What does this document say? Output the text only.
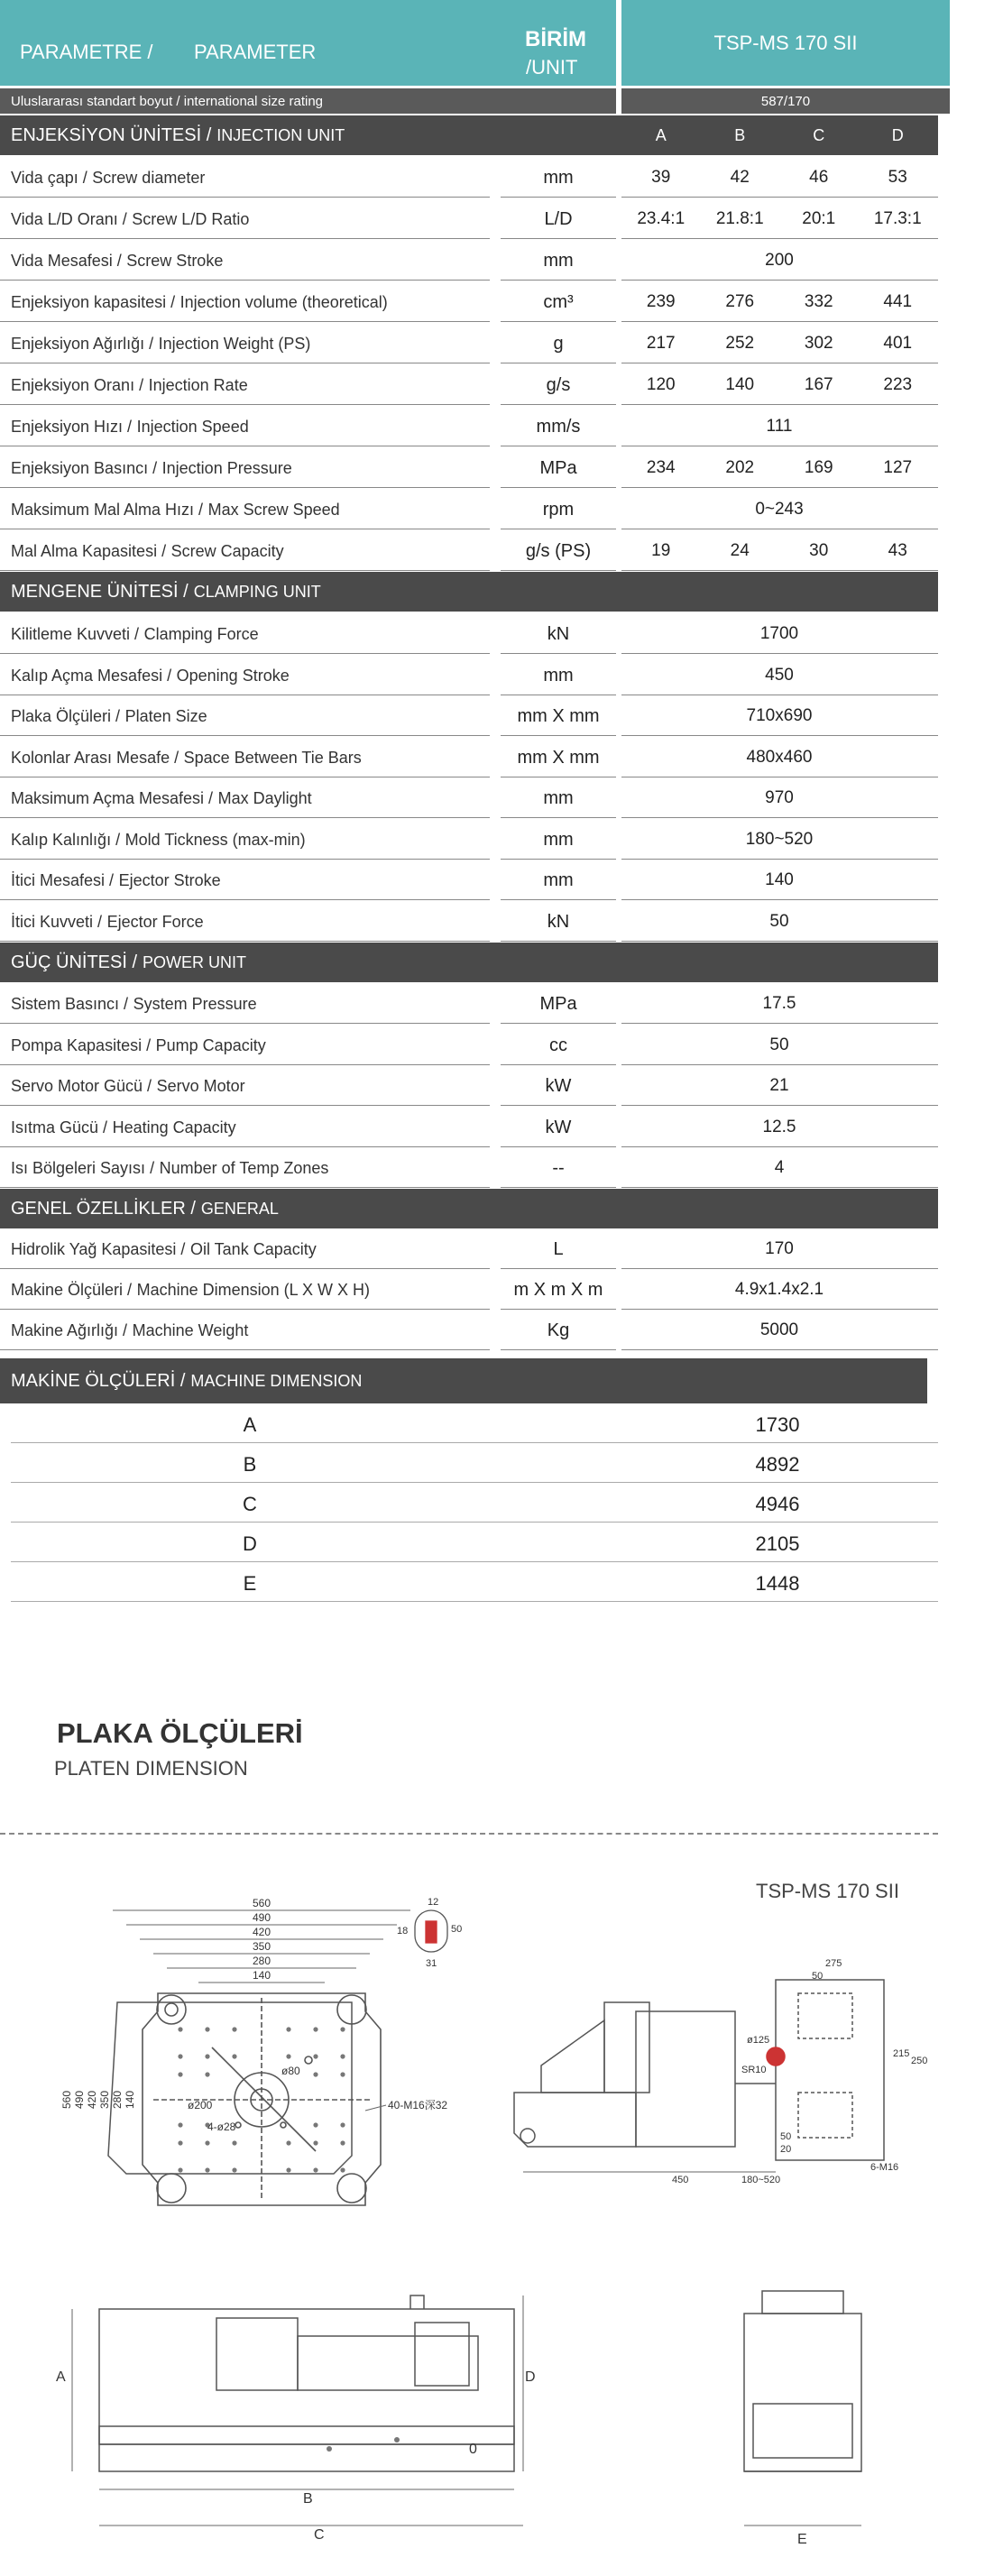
PARAMETRE / PARAMETER
BİRİM
/UNIT
TSP-MS 170 SII
Uluslararası standart boyut / international size rating	587/170
ENJEKSİYON ÜNİTESİ / INJECTION UNIT	A	B	C	D
Vida çapı / Screw diameter	mm	39	42	46	53
Vida L/D Oranı / Screw L/D Ratio	L/D	23.4:1	21.8:1	20:1	17.3:1
Vida Mesafesi / Screw Stroke	mm	200
Enjeksiyon kapasitesi / Injection volume (theoretical)	cm³	239	276	332	441
Enjeksiyon Ağırlığı / Injection Weight (PS)	g	217	252	302	401
Enjeksiyon Oranı / Injection Rate	g/s	120	140	167	223
Enjeksiyon Hızı / Injection Speed	mm/s	111
Enjeksiyon Basıncı / Injection Pressure	MPa	234	202	169	127
Maksimum Mal Alma Hızı / Max Screw Speed	rpm	0~243
Mal Alma Kapasitesi / Screw Capacity	g/s (PS)	19	24	30	43
MENGENE ÜNİTESİ / CLAMPING UNIT
Kilitleme Kuvveti / Clamping Force	kN	1700
Kalıp Açma Mesafesi / Opening Stroke	mm	450
Plaka Ölçüleri / Platen Size	mm X mm	710x690
Kolonlar Arası Mesafe / Space Between Tie Bars	mm X mm	480x460
Maksimum Açma Mesafesi / Max Daylight	mm	970
Kalıp Kalınlığı / Mold Tickness (max-min)	mm	180~520
İtici Mesafesi / Ejector Stroke	mm	140
İtici Kuvveti / Ejector Force	kN	50
GÜÇ ÜNİTESİ / POWER UNIT
Sistem Basıncı / System Pressure	MPa	17.5
Pompa Kapasitesi / Pump Capacity	cc	50
Servo Motor Gücü / Servo Motor	kW	21
Isıtma Gücü / Heating Capacity	kW	12.5
Isı Bölgeleri Sayısı / Number of Temp Zones	--	4
GENEL ÖZELLİKLER / GENERAL
Hidrolik Yağ Kapasitesi / Oil Tank Capacity	L	170
Makine Ölçüleri / Machine Dimension (L X W X H)	m X m X m	4.9x1.4x2.1
Makine Ağırlığı / Machine Weight	Kg	5000
MAKİNE ÖLÇÜLERİ / MACHINE DIMENSION
A	1730
B	4892
C	4946
D	2105
E	1448
PLAKA ÖLÇÜLERİ
PLATEN DIMENSION
TSP-MS 170 SII
560
490
420
350
280
140
560 490 420 350 280 140
ø80
ø200
4-ø28
40-M16深32
12
18	50
31	275
50
ø125
215
250
SR10
20
50
6-M16
450	180~520
A
B
C
D
0
E
